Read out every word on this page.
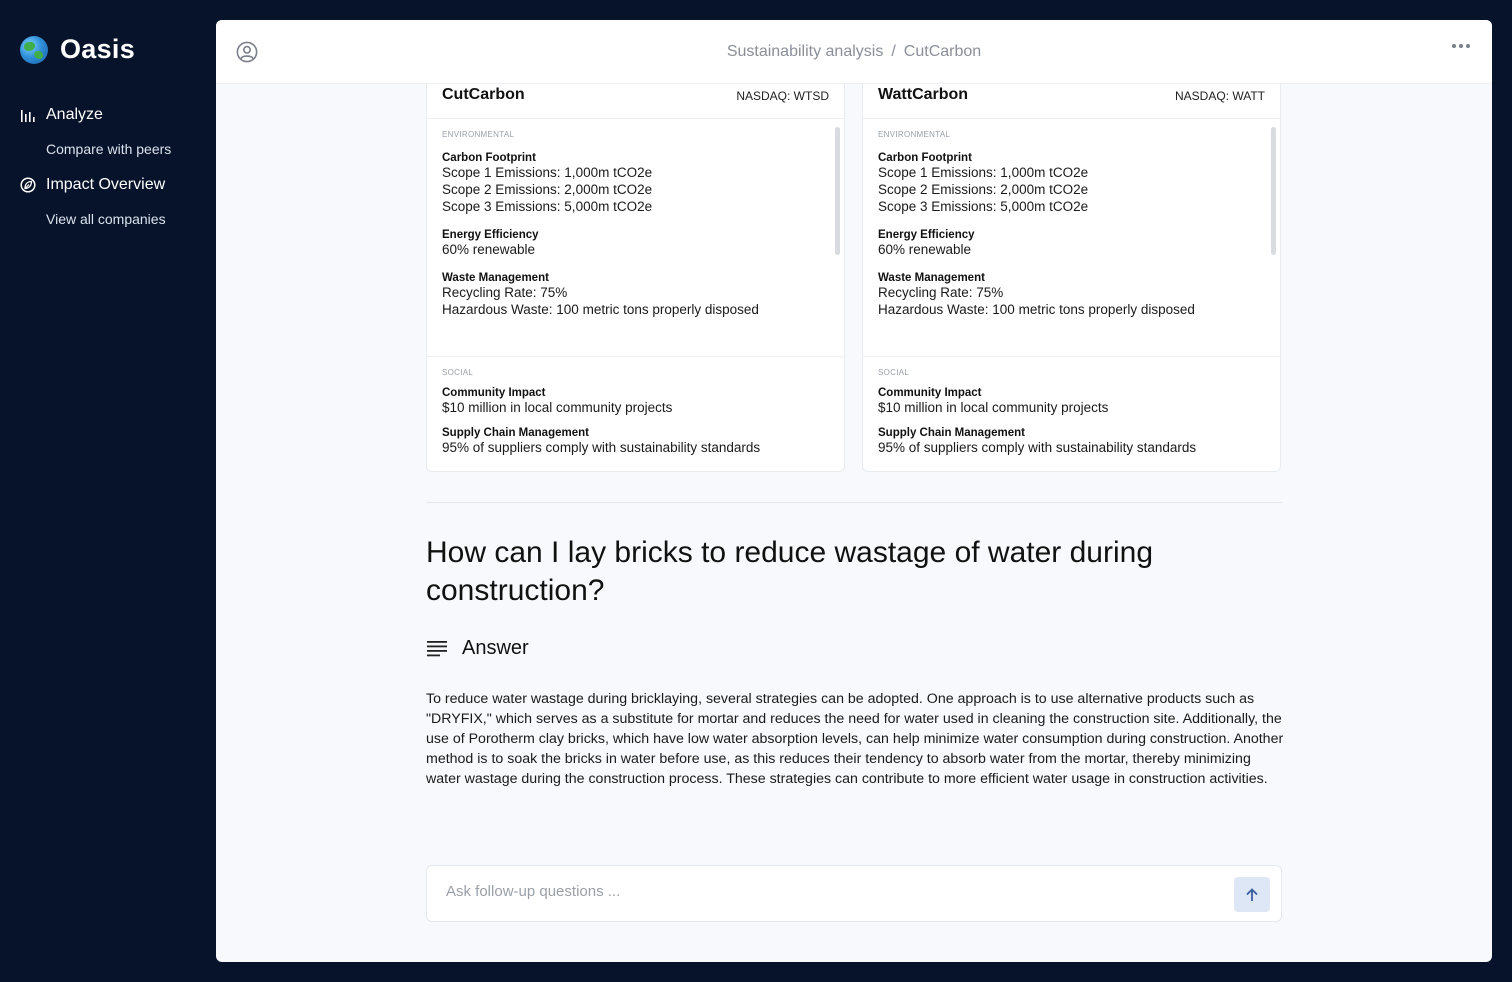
Oasis
Analyze
Compare with peers
Impact Overview
View all companies
Sustainability analysis / CutCarbon
CutCarbon	NASDAQ: WTSD
ENVIRONMENTAL
Carbon Footprint
Scope 1 Emissions: 1,000m tCO2e
Scope 2 Emissions: 2,000m tCO2e
Scope 3 Emissions: 5,000m tCO2e
Energy Efficiency
60% renewable
Waste Management
Recycling Rate: 75%
Hazardous Waste: 100 metric tons properly disposed
SOCIAL
Community Impact
$10 million in local community projects
Supply Chain Management
95% of suppliers comply with sustainability standards
WattCarbon	NASDAQ: WATT
ENVIRONMENTAL
Carbon Footprint
Scope 1 Emissions: 1,000m tCO2e
Scope 2 Emissions: 2,000m tCO2e
Scope 3 Emissions: 5,000m tCO2e
Energy Efficiency
60% renewable
Waste Management
Recycling Rate: 75%
Hazardous Waste: 100 metric tons properly disposed
SOCIAL
Community Impact
$10 million in local community projects
Supply Chain Management
95% of suppliers comply with sustainability standards
How can I lay bricks to reduce wastage of water during construction?
Answer

To reduce water wastage during bricklaying, several strategies can be adopted. One approach is to use alternative products such as "DRYFIX," which serves as a substitute for mortar and reduces the need for water used in cleaning the construction site. Additionally, the use of Porotherm clay bricks, which have low water absorption levels, can help minimize water consumption during construction. Another method is to soak the bricks in water before use, as this reduces their tendency to absorb water from the mortar, thereby minimizing water wastage during the construction process. These strategies can contribute to more efficient water usage in construction activities.

Ask follow-up questions ...
